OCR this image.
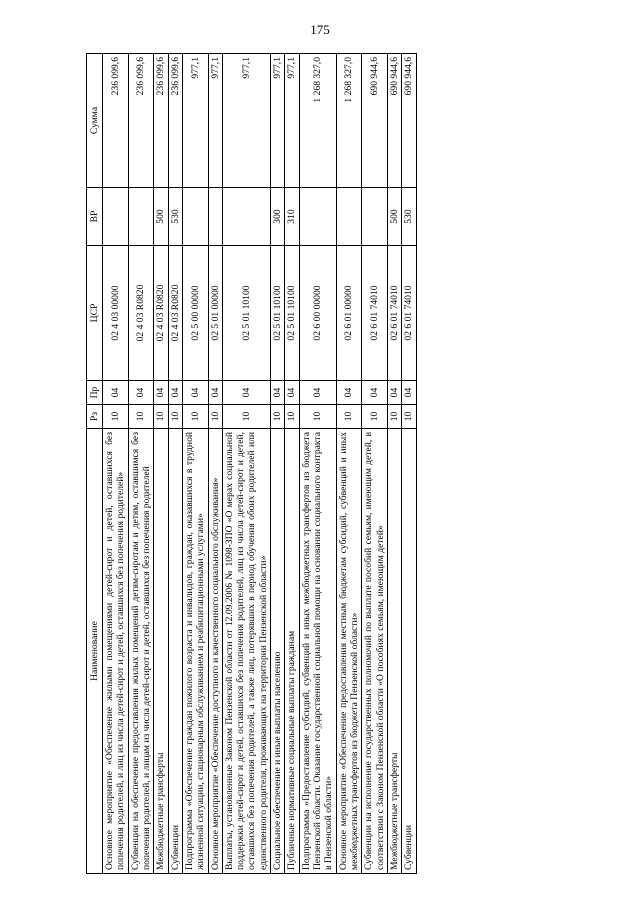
175
Наименование	Рз	Пр	ЦСР	ВР	Сумма
Основное мероприятие «Обеспечение жилыми помещениями детей-сирот и детей, оставшихся без попечения родителей, и лиц из числа детей-сирот и детей, оставшихся без попечения родителей»	10	04	02 4 03 00000		236 099,6
Субвенции на обеспечение предоставления жилых помещений детям-сиротам и детям, оставшимся без попечения родителей, и лицам из числа детей-сирот и детей, оставшихся без попечения родителей	10	04	02 4 03 R0820		236 099,6
Межбюджетные трансферты	10	04	02 4 03 R0820	500	236 099,6
Субвенции	10	04	02 4 03 R0820	530	236 099,6
Подпрограмма «Обеспечение граждан пожилого возраста и инвалидов, граждан, оказавшихся в трудной жизненной ситуации, стационарным обслуживанием и реабилитационными услугами»	10	04	02 5 00 00000		977,1
Основное мероприятие «Обеспечение доступного и качественного социального обслуживания»	10	04	02 5 01 00000		977,1
Выплаты, установленные Законом Пензенской области от 12.09.2006 № 1098-ЗПО «О мерах социальной поддержки детей-сирот и детей, оставшихся без попечения родителей, лиц из числа детей-сирот и детей, оставшихся без попечения родителей, а также лиц, потерявших в период обучения обоих родителей или единственного родителя, проживающих на территории Пензенской области»	10	04	02 5 01 10100		977,1
Социальное обеспечение и иные выплаты населению	10	04	02 5 01 10100	300	977,1
Публичные нормативные социальные выплаты гражданам	10	04	02 5 01 10100	310	977,1
Подпрограмма «Предоставление субсидий, субвенций и иных межбюджетных трансфертов из бюджета Пензенской области. Оказание государственной социальной помощи на основании социального контракта в Пензенской области»	10	04	02 6 00 00000		1 268 327,0
Основное мероприятие «Обеспечение предоставления местным бюджетам субсидий, субвенций и иных межбюджетных трансфертов из бюджета Пензенской области»	10	04	02 6 01 00000		1 268 327,0
Субвенции на исполнение государственных полномочий по выплате пособий семьям, имеющим детей, в соответствии с Законом Пензенской области «О пособиях семьям, имеющим детей»	10	04	02 6 01 74010		690 944,6
Межбюджетные трансферты	10	04	02 6 01 74010	500	690 944,6
Субвенции	10	04	02 6 01 74010	530	690 944,6
